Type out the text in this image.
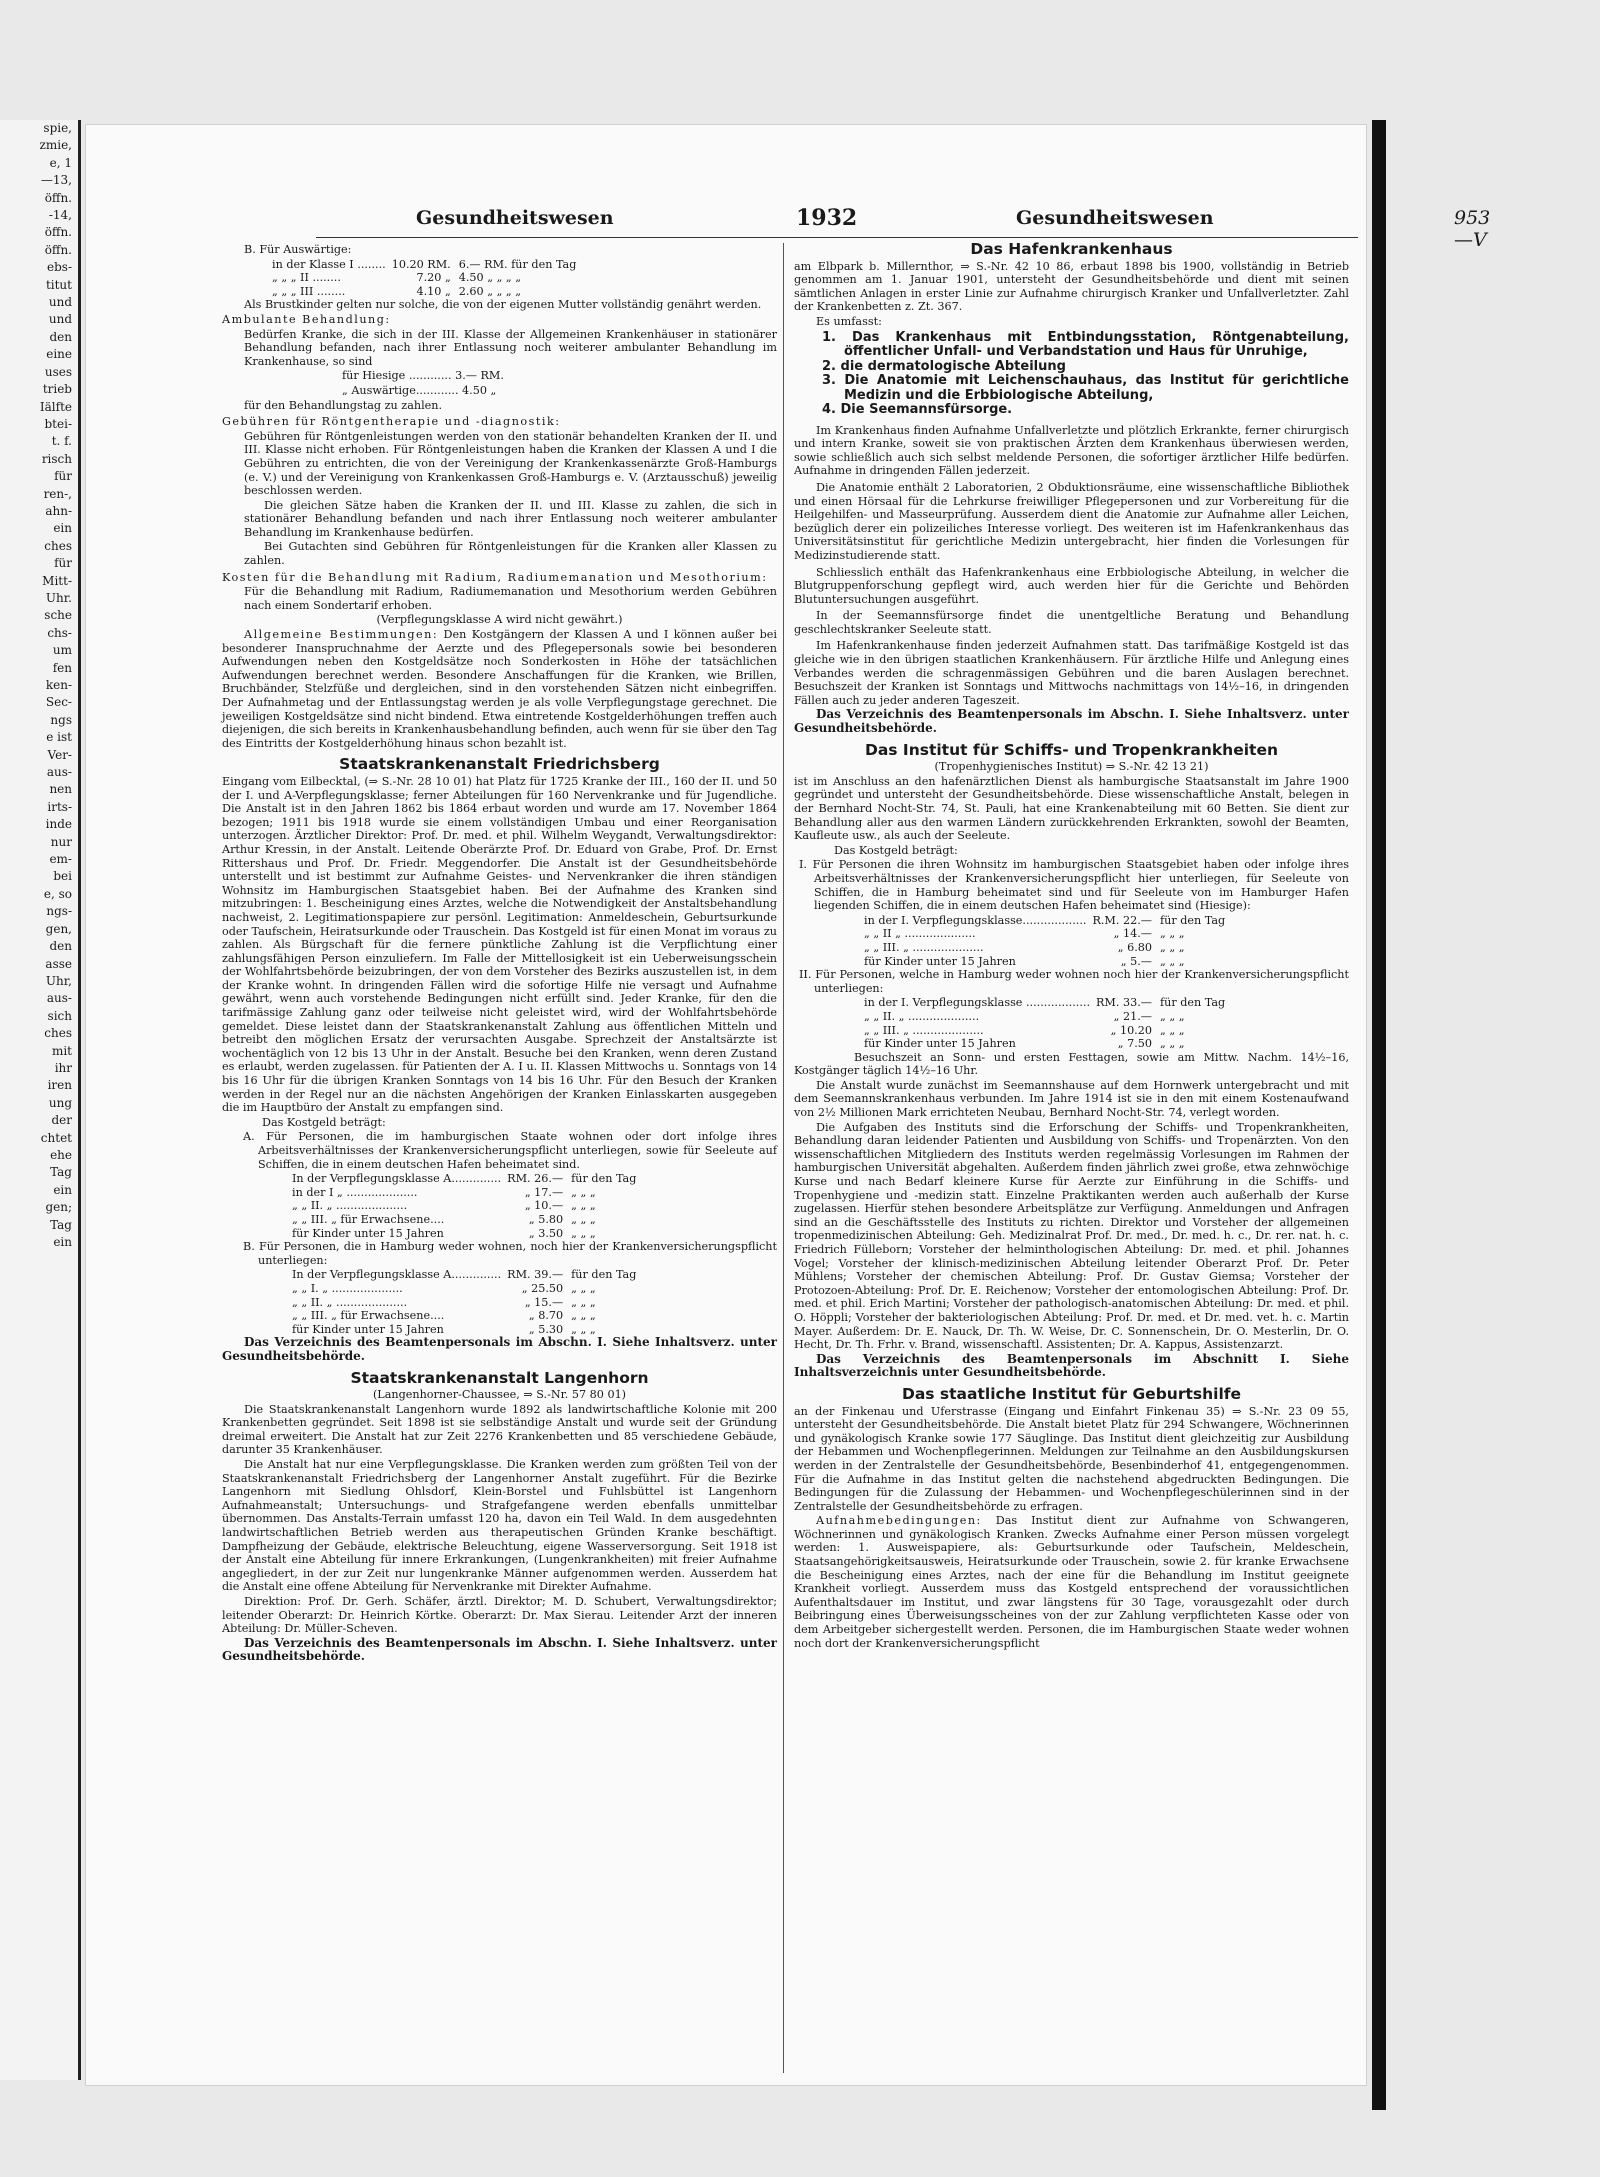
spie,
zmie,
e, 1
—13,
öffn.
-14,
öffn.
öffn.
ebs-
titut
und
und
den
eine
uses
trieb
Iälfte
btei-
t. f.
risch
für
ren-,
ahn-
ein
ches
für
Mitt-
Uhr.
sche
chs-
um
fen
ken-
Sec-
ngs
e ist
Ver-
aus-
nen
irts-
inde
nur
em-
bei
e, so
ngs-
gen,
den
asse
Uhr,
aus-
sich
ches
mit
ihr
iren
ung
der
chtet
ehe
Tag
ein
gen;
Tag
ein
Gesundheitswesen	1932	Gesundheitswesen	953—V

B. Für Auswärtige:

in der Klasse I ........	10.20 RM.	6.— RM. für den Tag
„ „ „ II ........	7.20 „	4.50 „ „ „ „
„ „ „ III ........	4.10 „	2.60 „ „ „ „

Als Brustkinder gelten nur solche, die von der eigenen Mutter vollständig genährt werden.

Ambulante Behandlung:

Bedürfen Kranke, die sich in der III. Klasse der Allgemeinen Krankenhäuser in stationärer Behandlung befanden, nach ihrer Entlassung noch weiterer ambulanter Behandlung im Krankenhause, so sind

für Hiesige ............ 3.— RM.

„ Auswärtige............ 4.50 „

für den Behandlungstag zu zahlen.

Gebühren für Röntgentherapie und -diagnostik:

Gebühren für Röntgenleistungen werden von den stationär behandelten Kranken der II. und III. Klasse nicht erhoben. Für Röntgenleistungen haben die Kranken der Klassen A und I die Gebühren zu entrichten, die von der Vereinigung der Krankenkassenärzte Groß-Hamburgs (e. V.) und der Vereinigung von Krankenkassen Groß-Hamburgs e. V. (Arztausschuß) jeweilig beschlossen werden.

Die gleichen Sätze haben die Kranken der II. und III. Klasse zu zahlen, die sich in stationärer Behandlung befanden und nach ihrer Entlassung noch weiterer ambulanter Behandlung im Krankenhause bedürfen.

Bei Gutachten sind Gebühren für Röntgenleistungen für die Kranken aller Klassen zu zahlen.

Kosten für die Behandlung mit Radium, Radiumemanation und Mesothorium:

Für die Behandlung mit Radium, Radiumemanation und Mesothorium werden Gebühren nach einem Sondertarif erhoben.

(Verpflegungsklasse A wird nicht gewährt.)

Allgemeine Bestimmungen: Den Kostgängern der Klassen A und I können außer bei besonderer Inanspruchnahme der Aerzte und des Pflegepersonals sowie bei besonderen Aufwendungen neben den Kostgeldsätze noch Sonderkosten in Höhe der tatsächlichen Aufwendungen berechnet werden. Besondere Anschaffungen für die Kranken, wie Brillen, Bruchbänder, Stelzfüße und dergleichen, sind in den vorstehenden Sätzen nicht einbegriffen. Der Aufnahmetag und der Entlassungstag werden je als volle Verpflegungstage gerechnet. Die jeweiligen Kostgeldsätze sind nicht bindend. Etwa eintretende Kostgelderhöhungen treffen auch diejenigen, die sich bereits in Krankenhausbehandlung befinden, auch wenn für sie über den Tag des Eintritts der Kostgelderhöhung hinaus schon bezahlt ist.

Staatskrankenanstalt Friedrichsberg

Eingang vom Eilbecktal, (⇒ S.-Nr. 28 10 01) hat Platz für 1725 Kranke der III., 160 der II. und 50 der I. und A-Verpflegungsklasse; ferner Abteilungen für 160 Nervenkranke und für Jugendliche. Die Anstalt ist in den Jahren 1862 bis 1864 erbaut worden und wurde am 17. November 1864 bezogen; 1911 bis 1918 wurde sie einem vollständigen Umbau und einer Reorganisation unterzogen. Ärztlicher Direktor: Prof. Dr. med. et phil. Wilhelm Weygandt, Verwaltungsdirektor: Arthur Kressin, in der Anstalt. Leitende Oberärzte Prof. Dr. Eduard von Grabe, Prof. Dr. Ernst Rittershaus und Prof. Dr. Friedr. Meggendorfer. Die Anstalt ist der Gesundheitsbehörde unterstellt und ist bestimmt zur Aufnahme Geistes- und Nervenkranker die ihren ständigen Wohnsitz im Hamburgischen Staatsgebiet haben. Bei der Aufnahme des Kranken sind mitzubringen: 1. Bescheinigung eines Arztes, welche die Notwendigkeit der Anstaltsbehandlung nachweist, 2. Legitimationspapiere zur persönl. Legitimation: Anmeldeschein, Geburtsurkunde oder Taufschein, Heiratsurkunde oder Trauschein. Das Kostgeld ist für einen Monat im voraus zu zahlen. Als Bürgschaft für die fernere pünktliche Zahlung ist die Verpflichtung einer zahlungsfähigen Person einzuliefern. Im Falle der Mittellosigkeit ist ein Ueberweisungsschein der Wohlfahrtsbehörde beizubringen, der von dem Vorsteher des Bezirks auszustellen ist, in dem der Kranke wohnt. In dringenden Fällen wird die sofortige Hilfe nie versagt und Aufnahme gewährt, wenn auch vorstehende Bedingungen nicht erfüllt sind. Jeder Kranke, für den die tarifmässige Zahlung ganz oder teilweise nicht geleistet wird, wird der Wohlfahrtsbehörde gemeldet. Diese leistet dann der Staatskrankenanstalt Zahlung aus öffentlichen Mitteln und betreibt den möglichen Ersatz der verursachten Ausgabe. Sprechzeit der Anstaltsärzte ist wochentäglich von 12 bis 13 Uhr in der Anstalt. Besuche bei den Kranken, wenn deren Zustand es erlaubt, werden zugelassen. für Patienten der A. I u. II. Klassen Mittwochs u. Sonntags von 14 bis 16 Uhr für die übrigen Kranken Sonntags von 14 bis 16 Uhr. Für den Besuch der Kranken werden in der Regel nur an die nächsten Angehörigen der Kranken Einlasskarten ausgegeben die im Hauptbüro der Anstalt zu empfangen sind.

Das Kostgeld beträgt:

A. Für Personen, die im hamburgischen Staate wohnen oder dort infolge ihres Arbeitsverhältnisses der Krankenversicherungspflicht unterliegen, sowie für Seeleute auf Schiffen, die in einem deutschen Hafen beheimatet sind.

In der Verpflegungsklasse A..............	RM. 26.—	für den Tag
in der I „ ....................	„ 17.—	„ „ „
„ „ II. „ ....................	„ 10.—	„ „ „
„ „ III. „ für Erwachsene....	„ 5.80	„ „ „
für Kinder unter 15 Jahren	„ 3.50	„ „ „

B. Für Personen, die in Hamburg weder wohnen, noch hier der Krankenversicherungspflicht unterliegen:

In der Verpflegungsklasse A..............	RM. 39.—	für den Tag
„ „ I. „ ....................	„ 25.50	„ „ „
„ „ II. „ ....................	„ 15.—	„ „ „
„ „ III. „ für Erwachsene....	„ 8.70	„ „ „
für Kinder unter 15 Jahren	„ 5.30	„ „ „

Das Verzeichnis des Beamtenpersonals im Abschn. I. Siehe Inhaltsverz. unter Gesundheitsbehörde.

Staatskrankenanstalt Langenhorn

(Langenhorner-Chaussee, ⇒ S.-Nr. 57 80 01)

Die Staatskrankenanstalt Langenhorn wurde 1892 als landwirtschaftliche Kolonie mit 200 Krankenbetten gegründet. Seit 1898 ist sie selbständige Anstalt und wurde seit der Gründung dreimal erweitert. Die Anstalt hat zur Zeit 2276 Krankenbetten und 85 verschiedene Gebäude, darunter 35 Krankenhäuser.

Die Anstalt hat nur eine Verpflegungsklasse. Die Kranken werden zum größten Teil von der Staatskrankenanstalt Friedrichsberg der Langenhorner Anstalt zugeführt. Für die Bezirke Langenhorn mit Siedlung Ohlsdorf, Klein-Borstel und Fuhlsbüttel ist Langenhorn Aufnahmeanstalt; Untersuchungs- und Strafgefangene werden ebenfalls unmittelbar übernommen. Das Anstalts-Terrain umfasst 120 ha, davon ein Teil Wald. In dem ausgedehnten landwirtschaftlichen Betrieb werden aus therapeutischen Gründen Kranke beschäftigt. Dampfheizung der Gebäude, elektrische Beleuchtung, eigene Wasserversorgung. Seit 1918 ist der Anstalt eine Abteilung für innere Erkrankungen, (Lungenkrankheiten) mit freier Aufnahme angegliedert, in der zur Zeit nur lungenkranke Männer aufgenommen werden. Ausserdem hat die Anstalt eine offene Abteilung für Nervenkranke mit Direkter Aufnahme.

Direktion: Prof. Dr. Gerh. Schäfer, ärztl. Direktor; M. D. Schubert, Verwaltungsdirektor; leitender Oberarzt: Dr. Heinrich Körtke. Oberarzt: Dr. Max Sierau. Leitender Arzt der inneren Abteilung: Dr. Müller-Scheven.

Das Verzeichnis des Beamtenpersonals im Abschn. I. Siehe Inhaltsverz. unter Gesundheitsbehörde.

Das Hafenkrankenhaus

am Elbpark b. Millernthor, ⇒ S.-Nr. 42 10 86, erbaut 1898 bis 1900, vollständig in Betrieb genommen am 1. Januar 1901, untersteht der Gesundheitsbehörde und dient mit seinen sämtlichen Anlagen in erster Linie zur Aufnahme chirurgisch Kranker und Unfallverletzter. Zahl der Krankenbetten z. Zt. 367.

Es umfasst:

1. Das Krankenhaus mit Entbindungsstation, Röntgenabteilung, öffentlicher Unfall- und Verbandstation und Haus für Unruhige,
2. die dermatologische Abteilung
3. Die Anatomie mit Leichenschauhaus, das Institut für gerichtliche Medizin und die Erbbiologische Abteilung,
4. Die Seemannsfürsorge.

Im Krankenhaus finden Aufnahme Unfallverletzte und plötzlich Erkrankte, ferner chirurgisch und intern Kranke, soweit sie von praktischen Ärzten dem Krankenhaus überwiesen werden, sowie schließlich auch sich selbst meldende Personen, die sofortiger ärztlicher Hilfe bedürfen. Aufnahme in dringenden Fällen jederzeit.

Die Anatomie enthält 2 Laboratorien, 2 Obduktionsräume, eine wissenschaftliche Bibliothek und einen Hörsaal für die Lehrkurse freiwilliger Pflegepersonen und zur Vorbereitung für die Heilgehilfen- und Masseurprüfung. Ausserdem dient die Anatomie zur Aufnahme aller Leichen, bezüglich derer ein polizeiliches Interesse vorliegt. Des weiteren ist im Hafenkrankenhaus das Universitätsinstitut für gerichtliche Medizin untergebracht, hier finden die Vorlesungen für Medizinstudierende statt.

Schliesslich enthält das Hafenkrankenhaus eine Erbbiologische Abteilung, in welcher die Blutgruppenforschung gepflegt wird, auch werden hier für die Gerichte und Behörden Blutuntersuchungen ausgeführt.

In der Seemannsfürsorge findet die unentgeltliche Beratung und Behandlung geschlechtskranker Seeleute statt.

Im Hafenkrankenhause finden jederzeit Aufnahmen statt. Das tarifmäßige Kostgeld ist das gleiche wie in den übrigen staatlichen Krankenhäusern. Für ärztliche Hilfe und Anlegung eines Verbandes werden die schragenmässigen Gebühren und die baren Auslagen berechnet. Besuchszeit der Kranken ist Sonntags und Mittwochs nachmittags von 14½–16, in dringenden Fällen auch zu jeder anderen Tageszeit.

Das Verzeichnis des Beamtenpersonals im Abschn. I. Siehe Inhaltsverz. unter Gesundheitsbehörde.

Das Institut für Schiffs- und Tropenkrankheiten

(Tropenhygienisches Institut) ⇒ S.-Nr. 42 13 21)

ist im Anschluss an den hafenärztlichen Dienst als hamburgische Staatsanstalt im Jahre 1900 gegründet und untersteht der Gesundheitsbehörde. Diese wissenschaftliche Anstalt, belegen in der Bernhard Nocht-Str. 74, St. Pauli, hat eine Krankenabteilung mit 60 Betten. Sie dient zur Behandlung aller aus den warmen Ländern zurückkehrenden Erkrankten, sowohl der Beamten, Kaufleute usw., als auch der Seeleute.

Das Kostgeld beträgt:

I. Für Personen die ihren Wohnsitz im hamburgischen Staatsgebiet haben oder infolge ihres Arbeitsverhältnisses der Krankenversicherungspflicht hier unterliegen, für Seeleute von Schiffen, die in Hamburg beheimatet sind und für Seeleute von im Hamburger Hafen liegenden Schiffen, die in einem deutschen Hafen beheimatet sind (Hiesige):

in der I. Verpflegungsklasse..................	R.M. 22.—	für den Tag
„ „ II „ ....................	„ 14.—	„ „ „
„ „ III. „ ....................	„ 6.80	„ „ „
für Kinder unter 15 Jahren	„ 5.—	„ „ „

II. Für Personen, welche in Hamburg weder wohnen noch hier der Krankenversicherungspflicht unterliegen:

in der I. Verpflegungsklasse ..................	RM. 33.—	für den Tag
„ „ II. „ ....................	„ 21.—	„ „ „
„ „ III. „ ....................	„ 10.20	„ „ „
für Kinder unter 15 Jahren	„ 7.50	„ „ „

Besuchszeit an Sonn- und ersten Festtagen, sowie am Mittw. Nachm. 14½–16, Kostgänger täglich 14½–16 Uhr.

Die Anstalt wurde zunächst im Seemannshause auf dem Hornwerk untergebracht und mit dem Seemannskrankenhaus verbunden. Im Jahre 1914 ist sie in den mit einem Kostenaufwand von 2½ Millionen Mark errichteten Neubau, Bernhard Nocht-Str. 74, verlegt worden.

Die Aufgaben des Instituts sind die Erforschung der Schiffs- und Tropenkrankheiten, Behandlung daran leidender Patienten und Ausbildung von Schiffs- und Tropenärzten. Von den wissenschaftlichen Mitgliedern des Instituts werden regelmässig Vorlesungen im Rahmen der hamburgischen Universität abgehalten. Außerdem finden jährlich zwei große, etwa zehnwöchige Kurse und nach Bedarf kleinere Kurse für Aerzte zur Einführung in die Schiffs- und Tropenhygiene und -medizin statt. Einzelne Praktikanten werden auch außerhalb der Kurse zugelassen. Hierfür stehen besondere Arbeitsplätze zur Verfügung. Anmeldungen und Anfragen sind an die Geschäftsstelle des Instituts zu richten. Direktor und Vorsteher der allgemeinen tropenmedizinischen Abteilung: Geh. Medizinalrat Prof. Dr. med., Dr. med. h. c., Dr. rer. nat. h. c. Friedrich Fülleborn; Vorsteher der helminthologischen Abteilung: Dr. med. et phil. Johannes Vogel; Vorsteher der klinisch-medizinischen Abteilung leitender Oberarzt Prof. Dr. Peter Mühlens; Vorsteher der chemischen Abteilung: Prof. Dr. Gustav Giemsa; Vorsteher der Protozoen-Abteilung: Prof. Dr. E. Reichenow; Vorsteher der entomologischen Abteilung: Prof. Dr. med. et phil. Erich Martini; Vorsteher der pathologisch-anatomischen Abteilung: Dr. med. et phil. O. Höppli; Vorsteher der bakteriologischen Abteilung: Prof. Dr. med. et Dr. med. vet. h. c. Martin Mayer. Außerdem: Dr. E. Nauck, Dr. Th. W. Weise, Dr. C. Sonnenschein, Dr. O. Mesterlin, Dr. O. Hecht, Dr. Th. Frhr. v. Brand, wissenschaftl. Assistenten; Dr. A. Kappus, Assistenzarzt.

Das Verzeichnis des Beamtenpersonals im Abschnitt I. Siehe Inhaltsverzeichnis unter Gesundheitsbehörde.

Das staatliche Institut für Geburtshilfe

an der Finkenau und Uferstrasse (Eingang und Einfahrt Finkenau 35) ⇒ S.-Nr. 23 09 55, untersteht der Gesundheitsbehörde. Die Anstalt bietet Platz für 294 Schwangere, Wöchnerinnen und gynäkologisch Kranke sowie 177 Säuglinge. Das Institut dient gleichzeitig zur Ausbildung der Hebammen und Wochenpflegerinnen. Meldungen zur Teilnahme an den Ausbildungskursen werden in der Zentralstelle der Gesundheitsbehörde, Besenbinderhof 41, entgegengenommen. Für die Aufnahme in das Institut gelten die nachstehend abgedruckten Bedingungen. Die Bedingungen für die Zulassung der Hebammen- und Wochenpflegeschülerinnen sind in der Zentralstelle der Gesundheitsbehörde zu erfragen.

Aufnahmebedingungen: Das Institut dient zur Aufnahme von Schwangeren, Wöchnerinnen und gynäkologisch Kranken. Zwecks Aufnahme einer Person müssen vorgelegt werden: 1. Ausweispapiere, als: Geburtsurkunde oder Taufschein, Meldeschein, Staatsangehörigkeitsausweis, Heiratsurkunde oder Trauschein, sowie 2. für kranke Erwachsene die Bescheinigung eines Arztes, nach der eine für die Behandlung im Institut geeignete Krankheit vorliegt. Ausserdem muss das Kostgeld entsprechend der voraussichtlichen Aufenthaltsdauer im Institut, und zwar längstens für 30 Tage, vorausgezahlt oder durch Beibringung eines Überweisungsscheines von der zur Zahlung verpflichteten Kasse oder von dem Arbeitgeber sichergestellt werden. Personen, die im Hamburgischen Staate weder wohnen noch dort der Krankenversicherungspflicht
